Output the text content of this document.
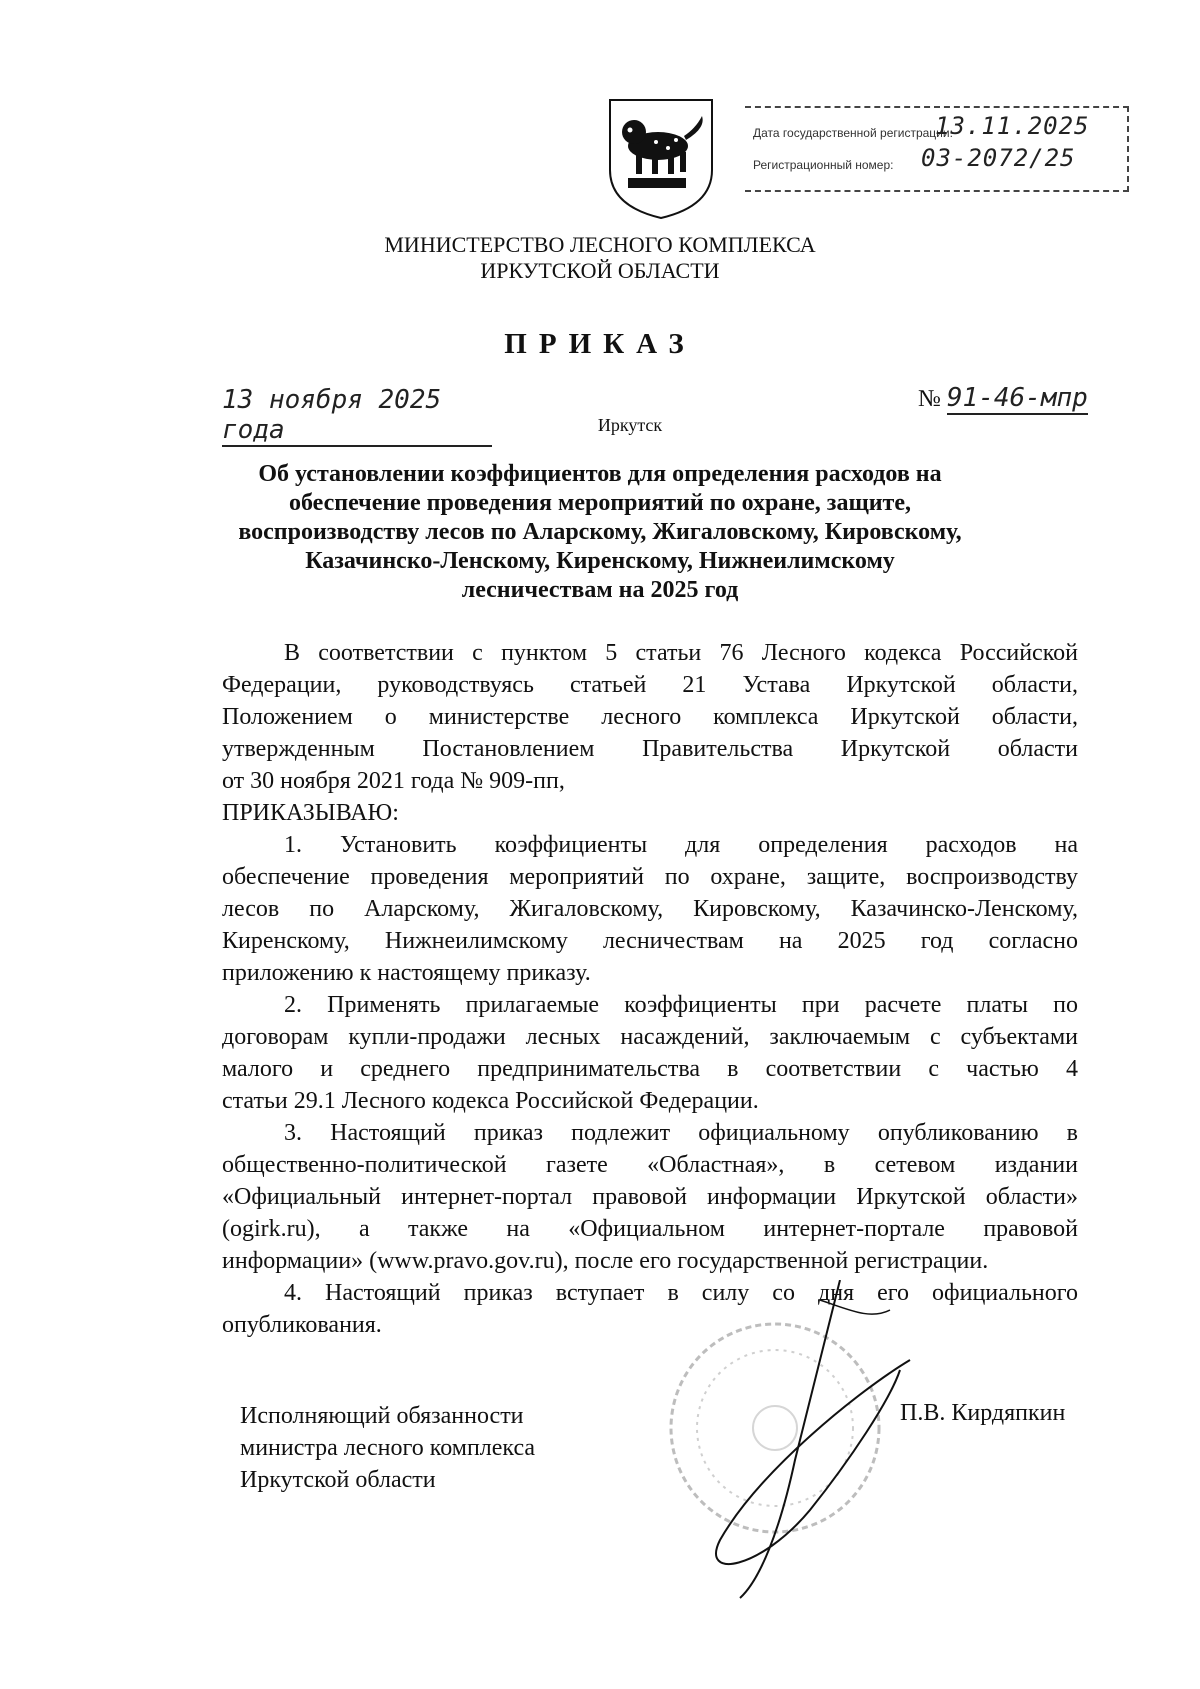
Дата государственной регистрации:
13.11.2025
Регистрационный номер: 03-2072/25
МИНИСТЕРСТВО ЛЕСНОГО КОМПЛЕКСА
ИРКУТСКОЙ ОБЛАСТИ
ПРИКАЗ
13 ноября 2025 года
№ 91-46-мпр
Иркутск
Об установлении коэффициентов для определения расходов на
обеспечение проведения мероприятий по охране, защите,
воспроизводству лесов по Аларскому, Жигаловскому, Кировскому,
Казачинско-Ленскому, Киренскому, Нижнеилимскому
лесничествам на 2025 год

В соответствии с пунктом 5 статьи 76 Лесного кодекса Российской

Федерации, руководствуясь статьей 21 Устава Иркутской области,

Положением о министерстве лесного комплекса Иркутской области,

утвержденным Постановлением Правительства Иркутской области

от 30 ноября 2021 года № 909-пп,

ПРИКАЗЫВАЮ:

1. Установить коэффициенты для определения расходов на

обеспечение проведения мероприятий по охране, защите, воспроизводству

лесов по Аларскому, Жигаловскому, Кировскому, Казачинско-Ленскому,

Киренскому, Нижнеилимскому лесничествам на 2025 год согласно

приложению к настоящему приказу.

2. Применять прилагаемые коэффициенты при расчете платы по

договорам купли-продажи лесных насаждений, заключаемым с субъектами

малого и среднего предпринимательства в соответствии с частью 4

статьи 29.1 Лесного кодекса Российской Федерации.

3. Настоящий приказ подлежит официальному опубликованию в

общественно-политической газете «Областная», в сетевом издании

«Официальный интернет-портал правовой информации Иркутской области»

(ogirk.ru), а также на «Официальном интернет-портале правовой

информации» (www.pravo.gov.ru), после его государственной регистрации.

4. Настоящий приказ вступает в силу со дня его официального

опубликования.

Исполняющий обязанности
министра лесного комплекса
Иркутской области
П.В. Кирдяпкин
